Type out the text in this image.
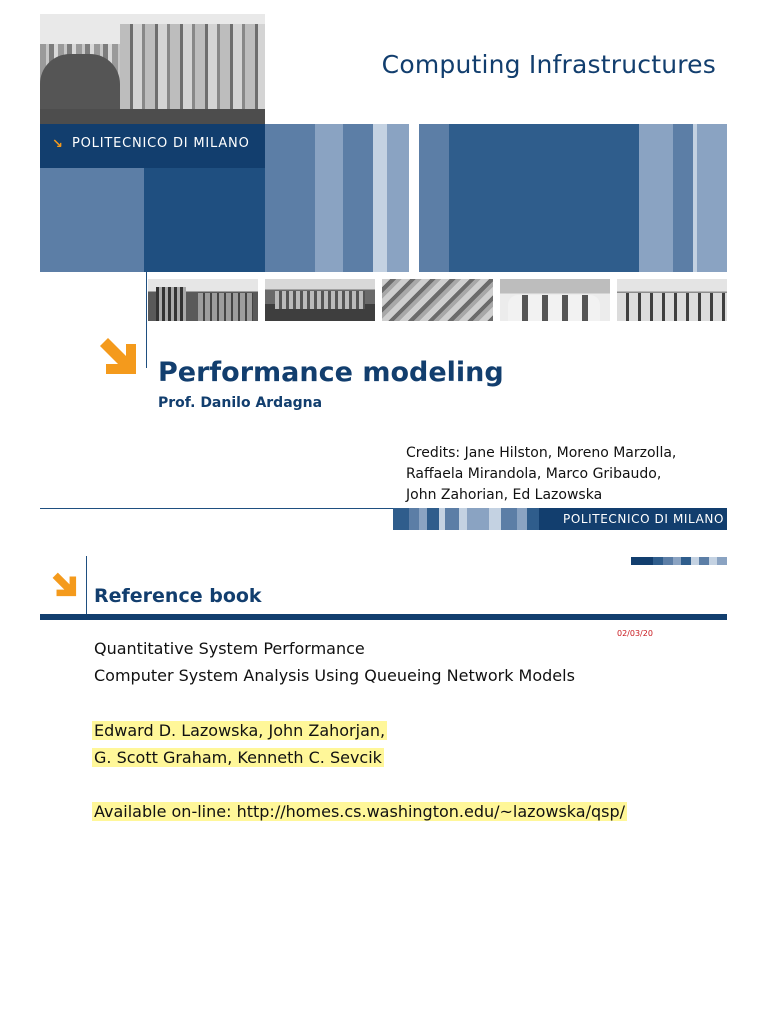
Computing Infrastructures
↘ POLITECNICO DI MILANO
Performance modeling
Prof. Danilo Ardagna
Credits: Jane Hilston, Moreno Marzolla,
Raffaela Mirandola, Marco Gribaudo,
John Zahorian, Ed Lazowska
POLITECNICO DI MILANO
Reference book
02/03/20
Quantitative System Performance
Computer System Analysis Using Queueing Network Models
Edward D. Lazowska, John Zahorjan,
G. Scott Graham, Kenneth C. Sevcik
Available on-line: http://homes.cs.washington.edu/~lazowska/qsp/
